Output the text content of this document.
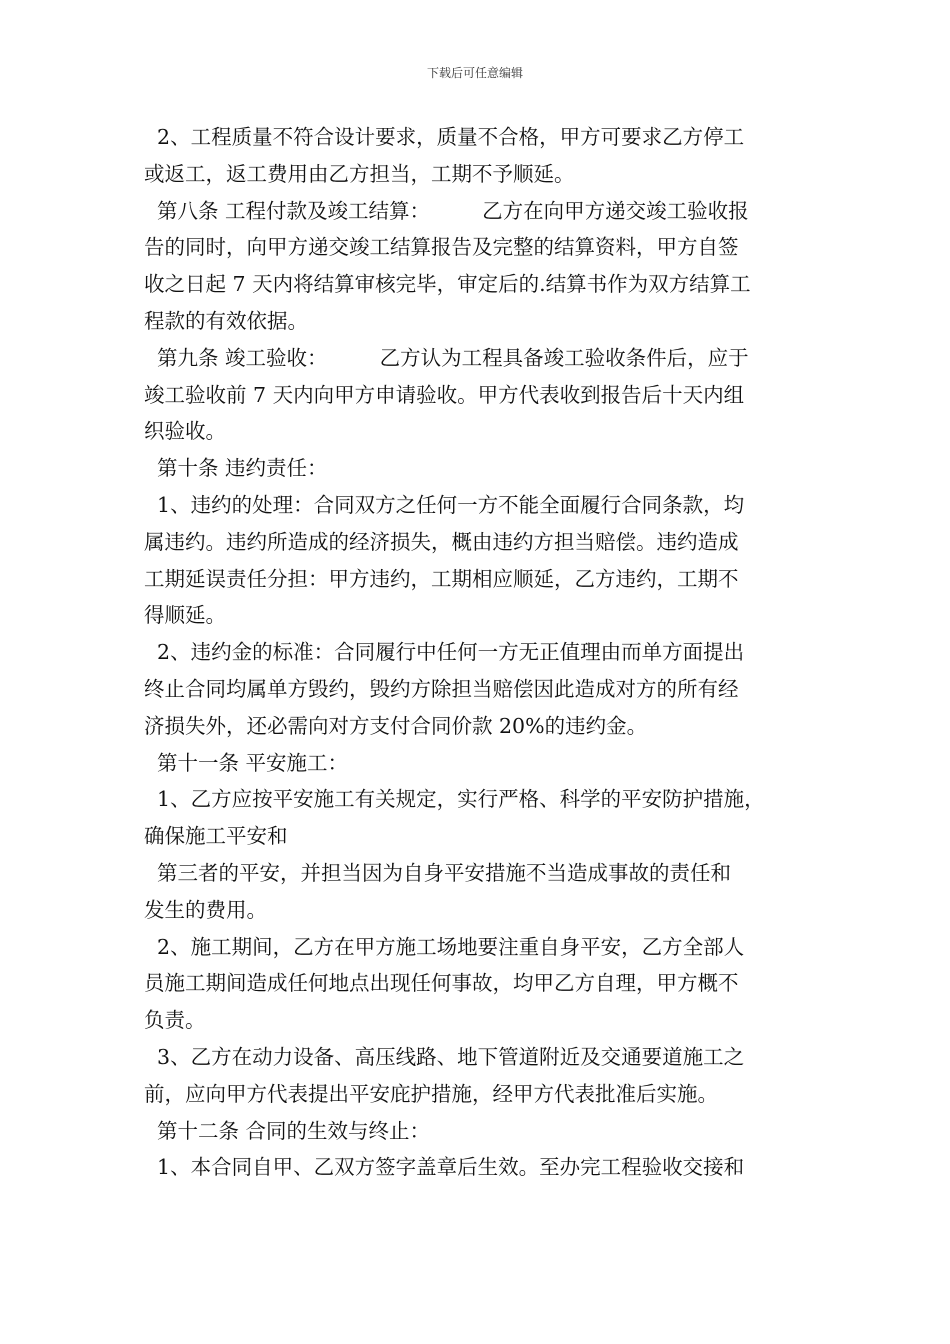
下载后可任意编辑
2、工程质量不符合设计要求，质量不合格，甲方可要求乙方停工
或返工，返工费用由乙方担当，工期不予顺延。
第八条 工程付款及竣工结算：        乙方在向甲方递交竣工验收报
告的同时，向甲方递交竣工结算报告及完整的结算资料，甲方自签
收之日起 7 天内将结算审核完毕，审定后的.结算书作为双方结算工
程款的有效依据。
第九条 竣工验收：        乙方认为工程具备竣工验收条件后，应于
竣工验收前 7 天内向甲方申请验收。甲方代表收到报告后十天内组
织验收。
第十条 违约责任：
1、违约的处理：合同双方之任何一方不能全面履行合同条款，均
属违约。违约所造成的经济损失，概由违约方担当赔偿。违约造成
工期延误责任分担：甲方违约，工期相应顺延，乙方违约，工期不
得顺延。
2、违约金的标准：合同履行中任何一方无正值理由而单方面提出
终止合同均属单方毁约，毁约方除担当赔偿因此造成对方的所有经
济损失外，还必需向对方支付合同价款 20%的违约金。
第十一条 平安施工：
1、乙方应按平安施工有关规定，实行严格、科学的平安防护措施，
确保施工平安和
第三者的平安，并担当因为自身平安措施不当造成事故的责任和
发生的费用。
2、施工期间，乙方在甲方施工场地要注重自身平安，乙方全部人
员施工期间造成任何地点出现任何事故，均甲乙方自理，甲方概不
负责。
3、乙方在动力设备、高压线路、地下管道附近及交通要道施工之
前，应向甲方代表提出平安庇护措施，经甲方代表批准后实施。
第十二条 合同的生效与终止：
1、本合同自甲、乙双方签字盖章后生效。至办完工程验收交接和
